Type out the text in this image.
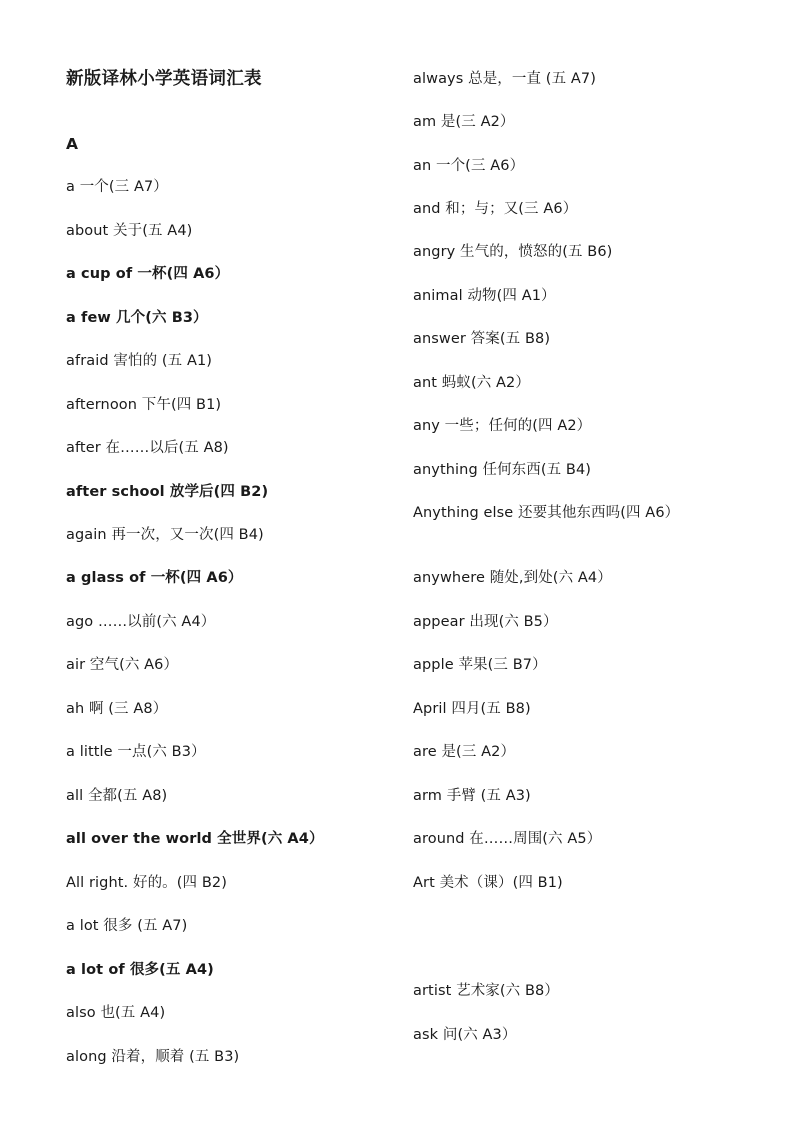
新版译林小学英语词汇表
A
a 一个(三 A7）
about 关于(五 A4)
a cup of 一杯(四 A6）
a few 几个(六 B3）
afraid 害怕的 (五 A1)
afternoon 下午(四 B1)
after 在……以后(五 A8)
after school 放学后(四 B2)
again 再一次，又一次(四 B4)
a glass of 一杯(四 A6）
ago ……以前(六 A4）
air 空气(六 A6）
ah 啊 (三 A8）
a little 一点(六 B3）
all 全都(五 A8)
all over the world 全世界(六 A4）
All right. 好的。(四 B2)
a lot 很多 (五 A7)
a lot of 很多(五 A4)
also 也(五 A4)
along 沿着，顺着 (五 B3)
always 总是，一直 (五 A7)
am 是(三 A2）
an 一个(三 A6）
and 和；与；又(三 A6）
angry 生气的，愤怒的(五 B6)
animal 动物(四 A1）
answer 答案(五 B8)
ant 蚂蚁(六 A2）
any 一些；任何的(四 A2）
anything 任何东西(五 B4)
Anything else 还要其他东西吗(四 A6）
anywhere 随处,到处(六 A4）
appear 出现(六 B5）
apple 苹果(三 B7）
April 四月(五 B8)
are 是(三 A2）
arm 手臂 (五 A3)
around 在……周围(六 A5）
Art 美术（课）(四 B1)
artist 艺术家(六 B8）
ask 问(六 A3）
